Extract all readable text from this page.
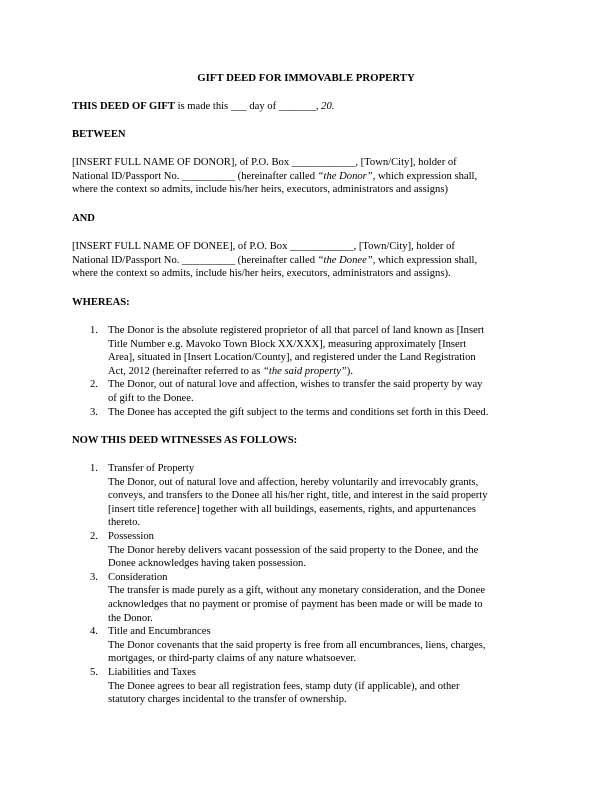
GIFT DEED FOR IMMOVABLE PROPERTY

THIS DEED OF GIFT is made this ___ day of _______, 20.

BETWEEN

[INSERT FULL NAME OF DONOR], of P.O. Box ____________, [Town/City], holder of
National ID/Passport No. __________ (hereinafter called “the Donor”, which expression shall,
where the context so admits, include his/her heirs, executors, administrators and assigns)

AND

[INSERT FULL NAME OF DONEE], of P.O. Box ____________, [Town/City], holder of
National ID/Passport No. __________ (hereinafter called “the Donee”, which expression shall,
where the context so admits, include his/her heirs, executors, administrators and assigns).

WHEREAS:

1. The Donor is the absolute registered proprietor of all that parcel of land known as [Insert
Title Number e.g. Mavoko Town Block XX/XXX], measuring approximately [Insert
Area], situated in [Insert Location/County], and registered under the Land Registration
Act, 2012 (hereinafter referred to as “the said property”).
2. The Donor, out of natural love and affection, wishes to transfer the said property by way
of gift to the Donee.
3. The Donee has accepted the gift subject to the terms and conditions set forth in this Deed.

NOW THIS DEED WITNESSES AS FOLLOWS:

1. Transfer of Property
The Donor, out of natural love and affection, hereby voluntarily and irrevocably grants,
conveys, and transfers to the Donee all his/her right, title, and interest in the said property
[insert title reference] together with all buildings, easements, rights, and appurtenances
thereto.
2. Possession
The Donor hereby delivers vacant possession of the said property to the Donee, and the
Donee acknowledges having taken possession.
3. Consideration
The transfer is made purely as a gift, without any monetary consideration, and the Donee
acknowledges that no payment or promise of payment has been made or will be made to
the Donor.
4. Title and Encumbrances
The Donor covenants that the said property is free from all encumbrances, liens, charges,
mortgages, or third-party claims of any nature whatsoever.
5. Liabilities and Taxes
The Donee agrees to bear all registration fees, stamp duty (if applicable), and other
statutory charges incidental to the transfer of ownership.
